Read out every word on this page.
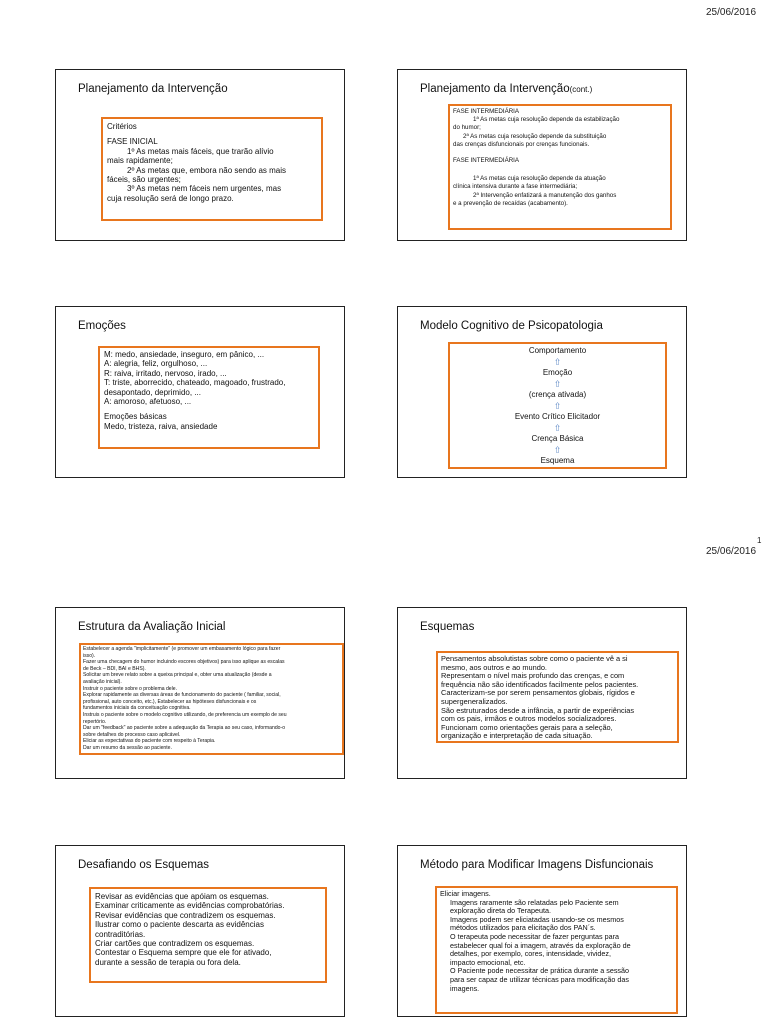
25/06/2016
1
25/06/2016
Planejamento da Intervenção
Critérios
FASE INICIAL
1º As metas mais fáceis, que trarão alívio
mais rapidamente;
2º As metas que, embora não sendo as mais
fáceis, são urgentes;
3º As metas nem fáceis nem urgentes, mas
cuja resolução será de longo prazo.
Planejamento da Intervenção(cont.)
FASE INTERMEDIÁRIA
1ª As metas cuja resolução depende da estabilização
do humor;
2ª As metas cuja resolução depende da substituição
das crenças disfuncionais por crenças funcionais.
FASE INTERMEDIÁRIA
1ª As metas cuja resolução depende da atuação
clínica intensiva durante a fase intermediária;
2ª Intervenção enfatizará a manutenção dos ganhos
e a prevenção de recaídas (acabamento).
Emoções
M: medo, ansiedade, inseguro, em pânico, ...
A: alegria, feliz, orgulhoso, ...
R: raiva, irritado, nervoso, irado, ...
T: triste, aborrecido, chateado, magoado, frustrado,
desapontado, deprimido, ...
A: amoroso, afetuoso, ...
Emoções básicas
Medo, tristeza, raiva, ansiedade
Modelo Cognitivo de Psicopatologia
Comportamento
⇧
Emoção
⇧
(crença ativada)
⇧
Evento Crítico Elicitador
⇧
Crença Básica
⇧
Esquema
Estrutura da Avaliação Inicial
Estabelecer a agenda "implicitamente" (e promover um embasamento lógico para fazer
isso).
Fazer uma checagem do humor incluindo escores objetivos) para isso aplique as escalas
de Beck – BDI, BAI e BHS).
Solicitar um breve relato sobre a queixa principal e, obter uma atualização (desde a
avaliação inicial).
Instruir o paciente sobre o problema dele.
Explorar rapidamente as diversas áreas de funcionamento do paciente ( familiar, social,
profissional, auto conceito, etc.), Estabelecer as hipóteses disfuncionais e os
fundamentos iniciais da conceituação cognitiva.
Instruis o paciente sobre o modelo cognitivo utilizando, de preferencia um exemplo de seu
repertório.
Dar um "feedback" ao paciente sobre a adequação da Terapia ao seu caso, informando-o
sobre detalhes do processo caso aplicável.
Eliciar as expectativas do paciente com respeito à Terapia.
Dar um resumo da sessão ao paciente.
Esquemas
Pensamentos absolutistas sobre como o paciente vê a si
mesmo, aos outros e ao mundo.
Representam o nível mais profundo das crenças, e com
frequência não são identificados facilmente pelos pacientes.
Caracterizam-se por serem pensamentos globais, rígidos e
supergeneralizados.
São estruturados desde a infância, a partir de experiências
com os pais, irmãos e outros modelos socializadores.
Funcionam como orientações gerais para a seleção,
organização e interpretação de cada situação.
Desafiando os Esquemas
Revisar as evidências que apóiam os esquemas.
Examinar criticamente as evidências comprobatórias.
Revisar evidências que contradizem os esquemas.
Ilustrar como o paciente descarta as evidências
contraditórias.
Criar cartões que contradizem os esquemas.
Contestar o Esquema sempre que ele for ativado,
durante a sessão de terapia ou fora dela.
Método para Modificar Imagens Disfuncionais
Eliciar imagens.
Imagens raramente são relatadas pelo Paciente sem
exploração direta do Terapeuta.
Imagens podem ser eliciatadas usando-se os mesmos
métodos utilizados para elicitação dos PAN´s.
O terapeuta pode necessitar de fazer perguntas para
estabelecer qual foi a imagem, através da exploração de
detalhes, por exemplo, cores, intensidade, vividez,
impacto emocional, etc.
O Paciente pode necessitar de prática durante a sessão
para ser capaz de utilizar técnicas para modificação das
imagens.
